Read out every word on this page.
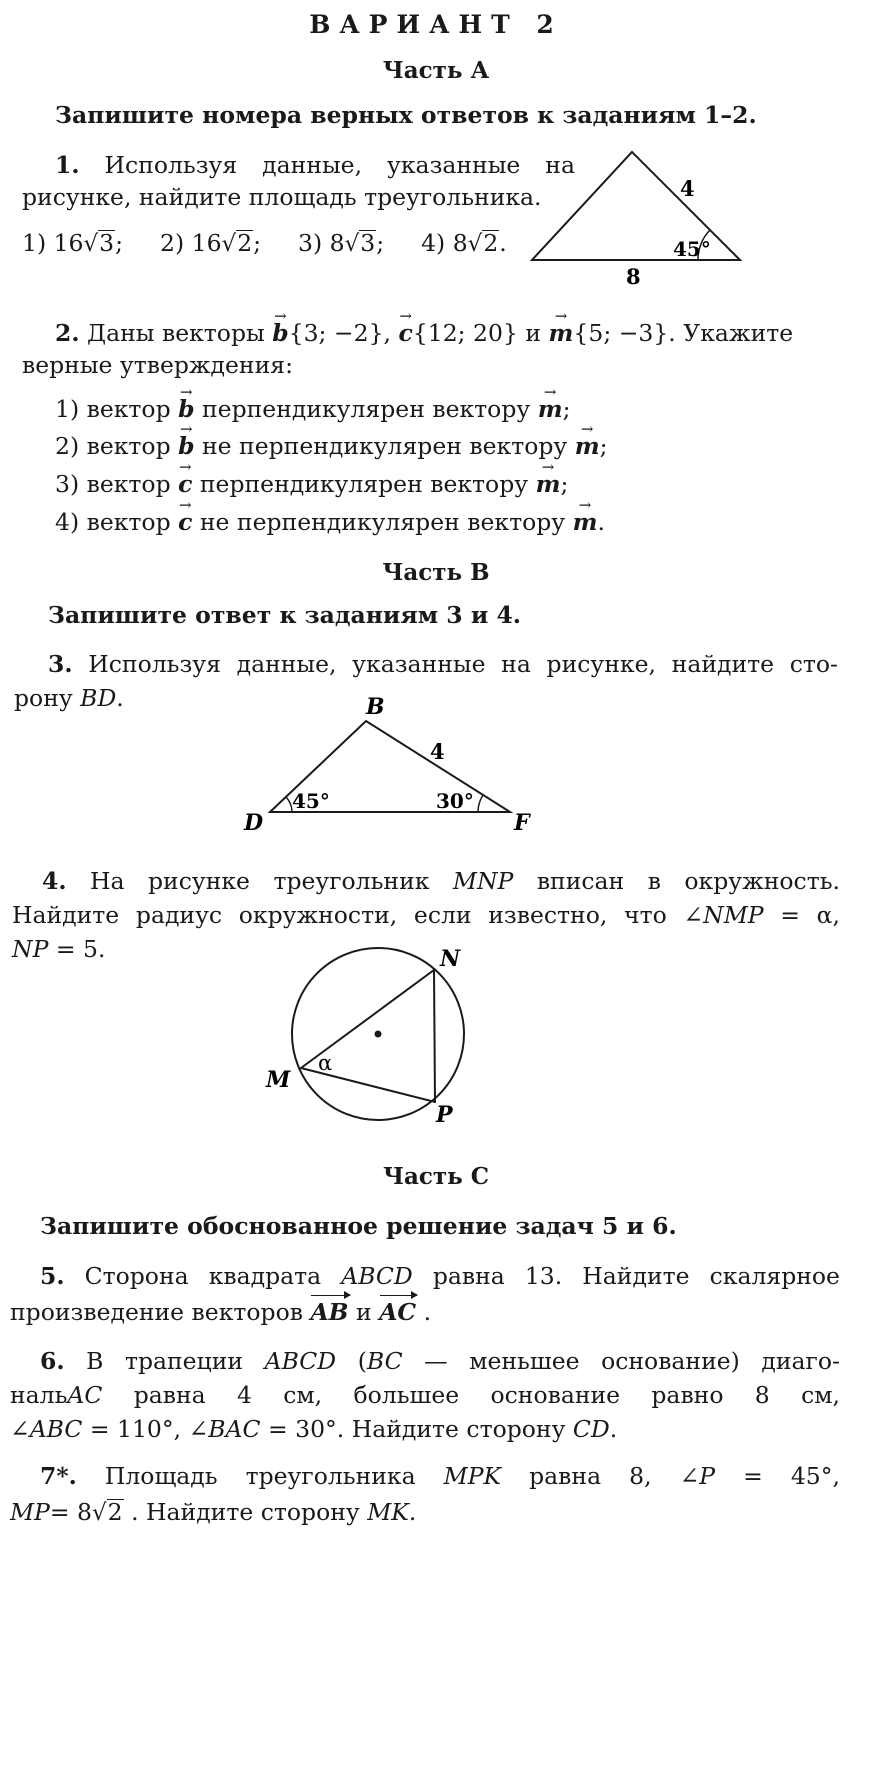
ВАРИАНТ 2
Часть А
Запишите номера верных ответов к заданиям 1–2.
1. Используя данные, указанные на
рисунке, найдите площадь треугольника.
1) 16√3; 2) 16√2; 3) 8√3; 4) 8√2.
4
45°
8
2. Даны векторы → b{3; −2}, → c{12; 20} и → m{5; −3}. Укажите
верные утверждения:
1) вектор → b перпендикулярен вектору → m;
2) вектор → b не перпендикулярен вектору → m;
3) вектор → c перпендикулярен вектору → m;
4) вектор → c не перпендикулярен вектору → m.
Часть В
Запишите ответ к заданиям 3 и 4.
3. Используя данные, указанные на рисунке, найдите сто-
рону BD.	B
D	F
4
45°	30°
4. На рисунке треугольник MNP вписан в окружность.
Найдите радиус окружности, если известно, что ∠NMP = α,
NP = 5.
M
N
P
α
Часть С
Запишите обоснованное решение задач 5 и 6.
5. Сторона квадрата ABCD равна 13. Найдите скалярное
произведение векторов AB и AC .
6. В трапеции ABCD (BC — меньшее основание) диаго-
нальAC равна 4 см, большее основание равно 8 см,
∠ABC = 110°, ∠BAC = 30°. Найдите сторону CD.
7*. Площадь треугольника MPK равна 8, ∠P = 45°,
MP= 8√2 . Найдите сторону MK.
